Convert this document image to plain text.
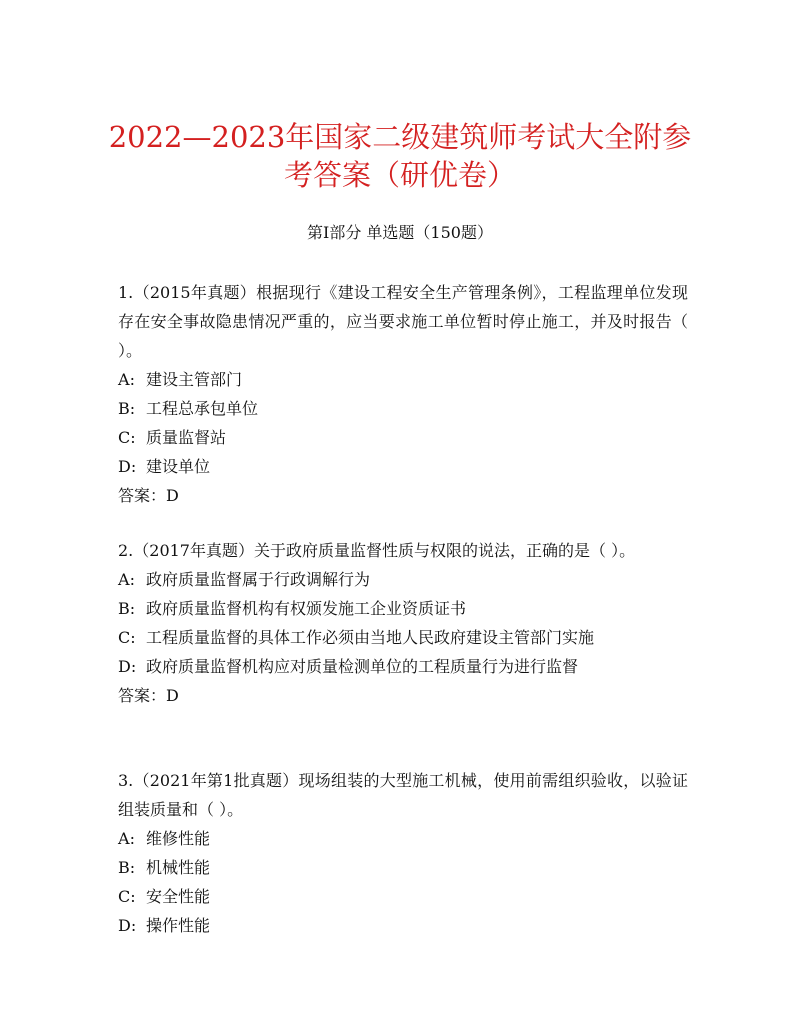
2022—2023年国家二级建筑师考试大全附参考答案（研优卷）

第I部分 单选题（150题）

1.（2015年真题）根据现行《建设工程安全生产管理条例》，工程监理单位发现存在安全事故隐患情况严重的，应当要求施工单位暂时停止施工，并及时报告（ ）。

A : 建设主管部门

B : 工程总承包单位

C : 质量监督站

D : 建设单位

答案 ： D

2.（2017年真题）关于政府质量监督性质与权限的说法，正确的是（ ）。

A : 政府质量监督属于行政调解行为

B : 政府质量监督机构有权颁发施工企业资质证书

C : 工程质量监督的具体工作必须由当地人民政府建设主管部门实施

D : 政府质量监督机构应对质量检测单位的工程质量行为进行监督

答案 ： D

3.（2021年第1批真题）现场组装的大型施工机械，使用前需组织验收，以验证组装质量和（ ）。

A : 维修性能

B : 机械性能

C : 安全性能

D : 操作性能
